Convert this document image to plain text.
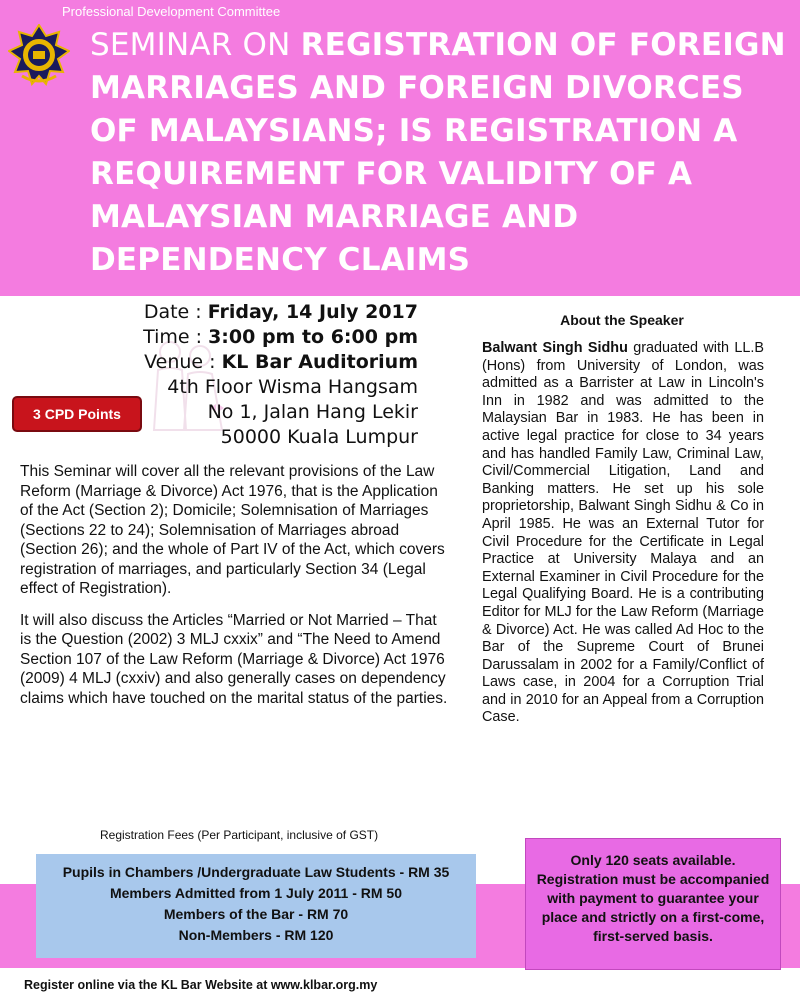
Professional Development Committee
SEMINAR ON REGISTRATION OF FOREIGN MARRIAGES AND FOREIGN DIVORCES OF MALAYSIANS; IS REGISTRATION A REQUIREMENT FOR VALIDITY OF A MALAYSIAN MARRIAGE AND DEPENDENCY CLAIMS
Date : Friday, 14 July 2017
Time : 3:00 pm to 6:00 pm
Venue : KL Bar Auditorium
4th Floor Wisma Hangsam
No 1, Jalan Hang Lekir
50000 Kuala Lumpur
3 CPD Points

This Seminar will cover all the relevant provisions of the Law Reform (Marriage & Divorce) Act 1976, that is the Application of the Act (Section 2); Domicile; Solemnisation of Marriages (Sections 22 to 24); Solemnisation of Marriages abroad (Section 26); and the whole of Part IV of the Act, which covers registration of marriages, and particularly Section 34 (Legal effect of Registration).

It will also discuss the Articles “Married or Not Married – That is the Question (2002) 3 MLJ cxxix” and “The Need to Amend Section 107 of the Law Reform (Marriage & Divorce) Act 1976 (2009) 4 MLJ (cxxiv) and also generally cases on dependency claims which have touched on the marital status of the parties.

About the Speaker
Balwant Singh Sidhu graduated with LL.B (Hons) from University of London, was admitted as a Barrister at Law in Lincoln's Inn in 1982 and was admitted to the Malaysian Bar in 1983. He has been in active legal practice for close to 34 years and has handled Family Law, Criminal Law, Civil/Commercial Litigation, Land and Banking matters. He set up his sole proprietorship, Balwant Singh Sidhu & Co in April 1985. He was an External Tutor for Civil Procedure for the Certificate in Legal Practice at University Malaya and an External Examiner in Civil Procedure for the Legal Qualifying Board. He is a contributing Editor for MLJ for the Law Reform (Marriage & Divorce) Act. He was called Ad Hoc to the Bar of the Supreme Court of Brunei Darussalam in 2002 for a Family/Conflict of Laws case, in 2004 for a Corruption Trial and in 2010 for an Appeal from a Corruption Case.
Registration Fees (Per Participant, inclusive of GST)
Pupils in Chambers /Undergraduate Law Students - RM 35
Members Admitted from 1 July 2011 - RM 50
Members of the Bar - RM 70
Non-Members - RM 120
Only 120 seats available. Registration must be accompanied with payment to guarantee your place and strictly on a first-come, first-served basis.
Register online via the KL Bar Website at www.klbar.org.my
